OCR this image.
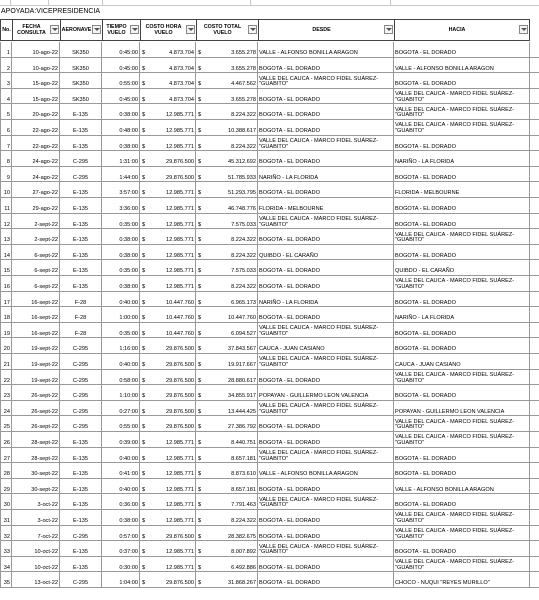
APOYADA:VICEPRESIDENCIA
No.	FECHA CONSULTA	AERONAVE	TIEMPO VUELO
COSTO HORA VUELO
COSTO TOTAL VUELO	DESDE	HACIA
1	10-ago-22	SK350	0:45:00 $	4.873.704 $	3.655.278 VALLE - ALFONSO BONILLA ARAGON	BOGOTA - EL DORADO
2	10-ago-22	SK350	0:45:00 $	4.873.704 $	3.655.278 BOGOTA - EL DORADO	VALLE - ALFONSO BONILLA ARAGON
3	15-ago-22	SK350	0:55:00 $	4.873.704 $	4.467.562
VALLE DEL CAUCA - MARCO FIDEL SUÁREZ- "GUABITO"	BOGOTA - EL DORADO
4	15-ago-22	SK350	0:45:00 $	4.873.704 $	3.655.278 BOGOTA - EL DORADO
VALLE DEL CAUCA - MARCO FIDEL SUÁREZ- "GUABITO"
5	20-ago-22	E-135	0:38:00 $	12.985.771 $	8.224.322 BOGOTA - EL DORADO
VALLE DEL CAUCA - MARCO FIDEL SUÁREZ- "GUABITO"
6	22-ago-22	E-135	0:48:00 $	12.985.771 $	10.388.617 BOGOTA - EL DORADO
VALLE DEL CAUCA - MARCO FIDEL SUÁREZ- "GUABITO"
7	22-ago-22	E-135	0:38:00 $	12.985.771 $	8.224.322
VALLE DEL CAUCA - MARCO FIDEL SUÁREZ- "GUABITO"	BOGOTA - EL DORADO
8	24-ago-22	C-295	1:31:00 $	29.876.500 $	45.312.692 BOGOTA - EL DORADO	NARIÑO - LA FLORIDA
9	24-ago-22	C-295	1:44:00 $	29.876.500 $	51.785.933 NARIÑO - LA FLORIDA	BOGOTA - EL DORADO
10	27-ago-22	E-135	3:57:00 $	12.985.771 $	51.293.795 BOGOTA - EL DORADO	FLORIDA - MELBOURNE
11	29-ago-22	E-135	3:36:00 $	12.985.771 $	46.748.776 FLORIDA - MELBOURNE	BOGOTA - EL DORADO
12	2-sept-22	E-135	0:35:00 $	12.985.771 $	7.575.033
VALLE DEL CAUCA - MARCO FIDEL SUÁREZ- "GUABITO"	BOGOTA - EL DORADO
13	2-sept-22	E-135	0:38:00 $	12.985.771 $	8.224.322 BOGOTA - EL DORADO
VALLE DEL CAUCA - MARCO FIDEL SUÁREZ- "GUABITO"
14	6-sept-22	E-135	0:38:00 $	12.985.771 $	8.224.322 QUIBDO - EL CARAÑO	BOGOTA - EL DORADO
15	6-sept-22	E-135	0:35:00 $	12.985.771 $	7.575.033 BOGOTA - EL DORADO	QUIBDO - EL CARAÑO
16	6-sept-22	E-135	0:38:00 $	12.985.771 $	8.224.322 BOGOTA - EL DORADO
VALLE DEL CAUCA - MARCO FIDEL SUÁREZ- "GUABITO"
17	16-sept-22	F-28	0:40:00 $	10.447.760 $	6.965.173 NARIÑO - LA FLORIDA	BOGOTA - EL DORADO
18	16-sept-22	F-28	1:00:00 $	10.447.760 $	10.447.760 BOGOTA - EL DORADO	NARIÑO - LA FLORIDA
19	16-sept-22	F-28	0:35:00 $	10.447.760 $	6.094.527
VALLE DEL CAUCA - MARCO FIDEL SUÁREZ- "GUABITO"	BOGOTA - EL DORADO
20	19-sept-22	C-295	1:16:00 $	29.876.500 $	37.843.567 CAUCA - JUAN CASIANO	BOGOTA - EL DORADO
21	19-sept-22	C-295	0:40:00 $	29.876.500 $	19.917.667
VALLE DEL CAUCA - MARCO FIDEL SUÁREZ- "GUABITO"	CAUCA - JUAN CASIANO
22	19-sept-22	C-295	0:58:00 $	29.876.500 $	28.880.617 BOGOTA - EL DORADO
VALLE DEL CAUCA - MARCO FIDEL SUÁREZ- "GUABITO"
23	26-sept-22	C-295	1:10:00 $	29.876.500 $	34.855.917 POPAYAN - GUILLERMO LEON VALENCIA	BOGOTA - EL DORADO
24	26-sept-22	C-295	0:27:00 $	29.876.500 $	13.444.425
VALLE DEL CAUCA - MARCO FIDEL SUÁREZ- "GUABITO"	POPAYAN - GUILLERMO LEON VALENCIA
25	26-sept-22	C-295	0:55:00 $	29.876.500 $	27.386.792 BOGOTA - EL DORADO
VALLE DEL CAUCA - MARCO FIDEL SUÁREZ- "GUABITO"
26	28-sept-22	E-135	0:39:00 $	12.985.771 $	8.440.751 BOGOTA - EL DORADO
VALLE DEL CAUCA - MARCO FIDEL SUÁREZ- "GUABITO"
27	28-sept-22	E-135	0:40:00 $	12.985.771 $	8.657.181
VALLE DEL CAUCA - MARCO FIDEL SUÁREZ- "GUABITO"	BOGOTA - EL DORADO
28	30-sept-22	E-135	0:41:00 $	12.985.771 $	8.873.610 VALLE - ALFONSO BONILLA ARAGON	BOGOTA - EL DORADO
29	30-sept-22	E-135	0:40:00 $	12.985.771 $	8.657.181 BOGOTA - EL DORADO	VALLE - ALFONSO BONILLA ARAGON
30	3-oct-22	E-135	0:36:00 $	12.985.771 $	7.791.463
VALLE DEL CAUCA - MARCO FIDEL SUÁREZ- "GUABITO"	BOGOTA - EL DORADO
31	3-oct-22	E-135	0:38:00 $	12.985.771 $	8.224.322 BOGOTA - EL DORADO
VALLE DEL CAUCA - MARCO FIDEL SUÁREZ- "GUABITO"
32	7-oct-22	C-295	0:57:00 $	29.876.500 $	28.382.675 BOGOTA - EL DORADO
VALLE DEL CAUCA - MARCO FIDEL SUÁREZ- "GUABITO"
33	10-oct-22	E-135	0:37:00 $	12.985.771 $	8.007.892
VALLE DEL CAUCA - MARCO FIDEL SUÁREZ- "GUABITO"	BOGOTA - EL DORADO
34	10-oct-22	E-135	0:30:00 $	12.985.771 $	6.492.886 BOGOTA - EL DORADO
VALLE DEL CAUCA - MARCO FIDEL SUÁREZ- "GUABITO"
35	13-oct-22	C-295	1:04:00 $	29.876.500 $	31.868.267 BOGOTA - EL DORADO	CHOCO - NUQUI "REYES MURILLO"
